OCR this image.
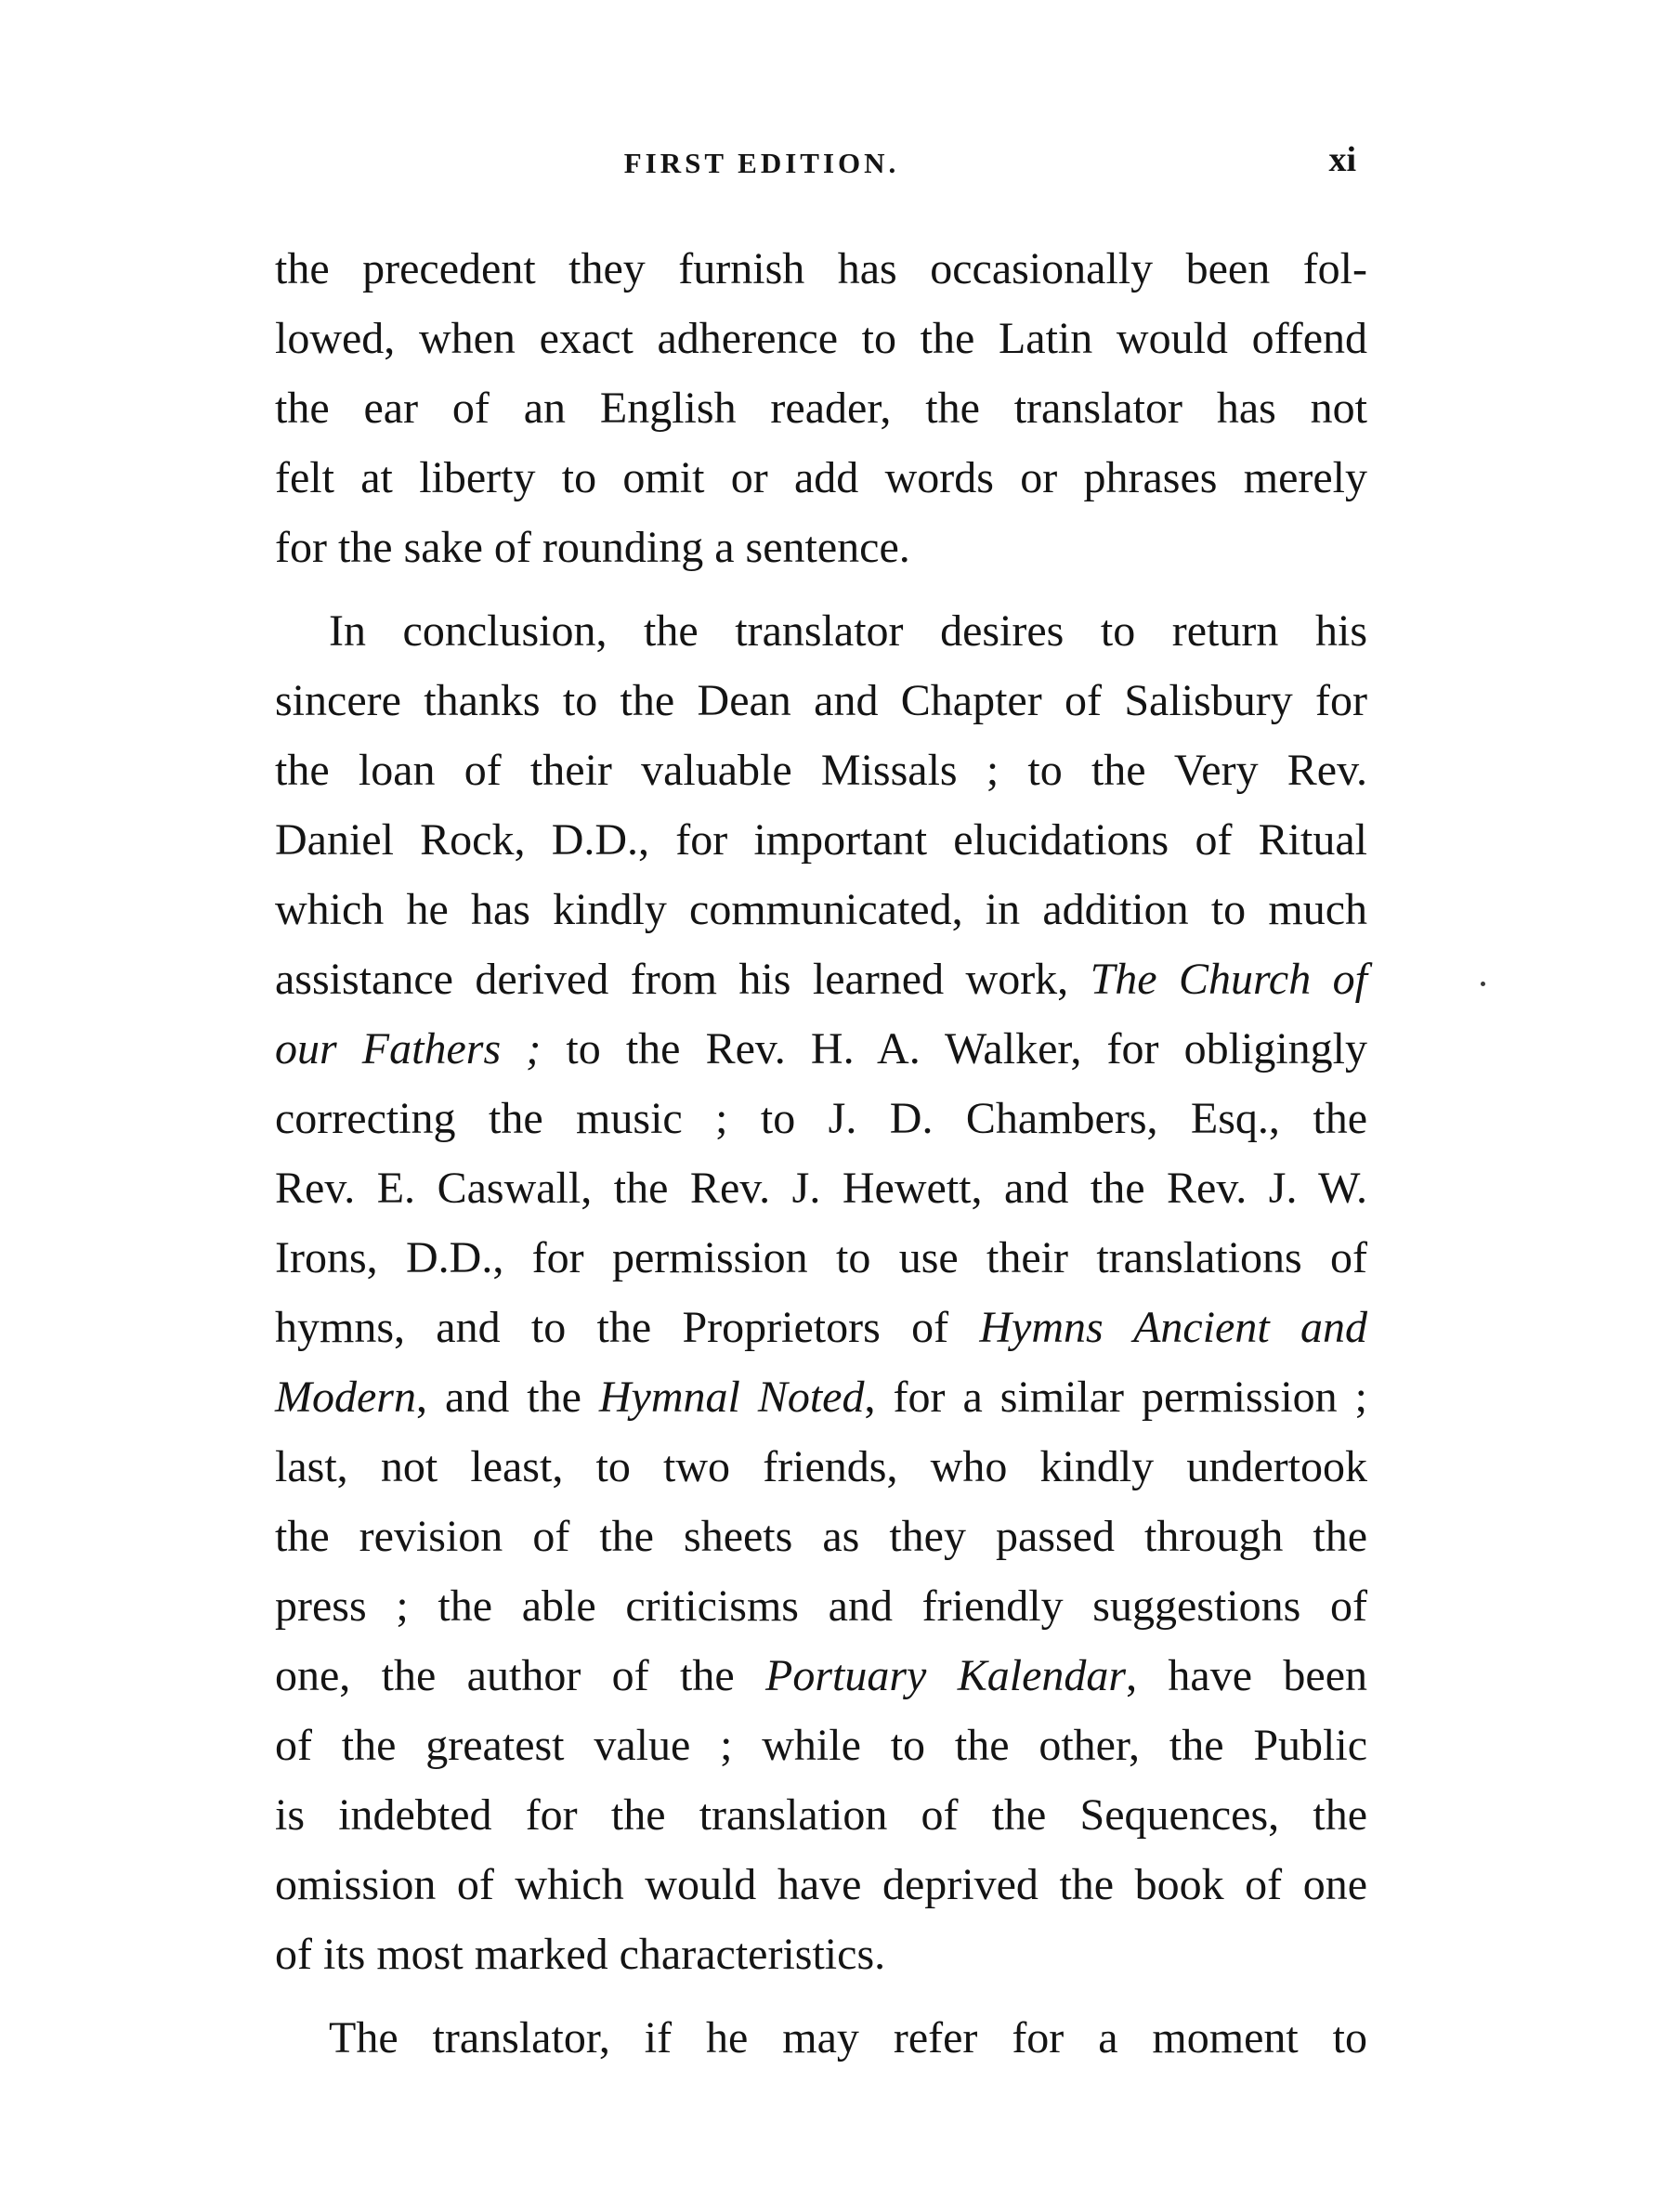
FIRST EDITION.	xi
the precedent they furnish has occasionally been fol-
lowed, when exact adherence to the Latin would offend
the ear of an English reader, the translator has not
felt at liberty to omit or add words or phrases merely
for the sake of rounding a sentence.
In conclusion, the translator desires to return his
sincere thanks to the Dean and Chapter of Salisbury for
the loan of their valuable Missals ; to the Very Rev.
Daniel Rock, D.D., for important elucidations of Ritual
which he has kindly communicated, in addition to much
assistance derived from his learned work, The Church of
our Fathers ; to the Rev. H. A. Walker, for obligingly
correcting the music ; to J. D. Chambers, Esq., the
Rev. E. Caswall, the Rev. J. Hewett, and the Rev. J. W.
Irons, D.D., for permission to use their translations of
hymns, and to the Proprietors of Hymns Ancient and
Modern, and the Hymnal Noted, for a similar permission ;
last, not least, to two friends, who kindly undertook
the revision of the sheets as they passed through the
press ; the able criticisms and friendly suggestions of
one, the author of the Portuary Kalendar, have been
of the greatest value ; while to the other, the Public
is indebted for the translation of the Sequences, the
omission of which would have deprived the book of one
of its most marked characteristics.
The translator, if he may refer for a moment to
